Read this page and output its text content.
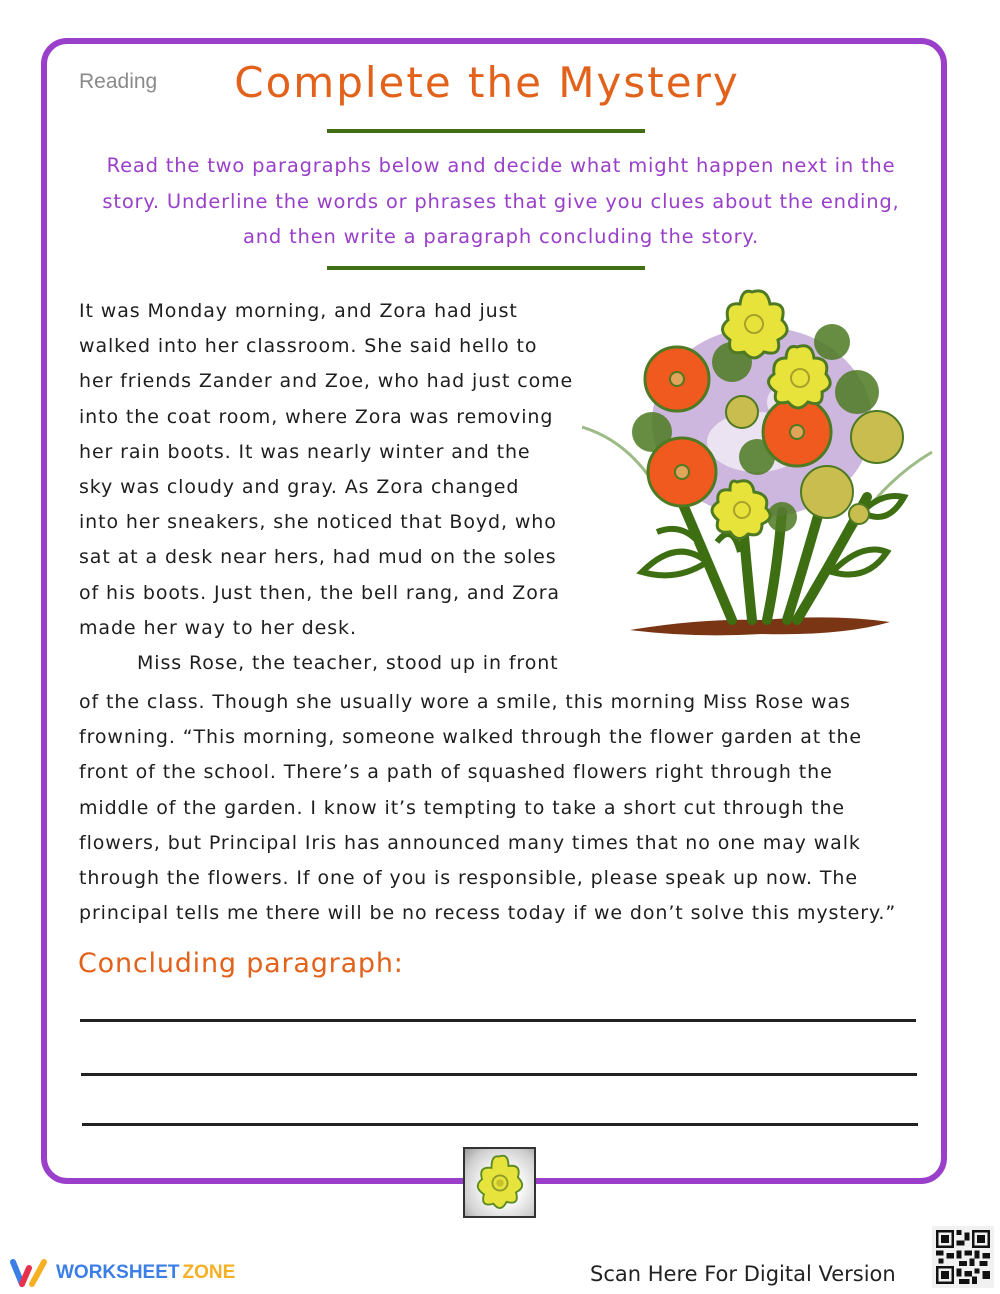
Reading	Complete the Mystery
Read the two paragraphs below and decide what might happen next in the story. Underline the words or phrases that give you clues about the ending, and then write a paragraph concluding the story.
It was Monday morning, and Zora had just
walked into her classroom. She said hello to
her friends Zander and Zoe, who had just come
into the coat room, where Zora was removing
her rain boots. It was nearly winter and the
sky was cloudy and gray. As Zora changed
into her sneakers, she noticed that Boyd, who
sat at a desk near hers, had mud on the soles
of his boots. Just then, the bell rang, and Zora
made her way to her desk.
Miss Rose, the teacher, stood up in front
of the class. Though she usually wore a smile, this morning Miss Rose was
frowning. “This morning, someone walked through the flower garden at the
front of the school. There’s a path of squashed flowers right through the
middle of the garden. I know it’s tempting to take a short cut through the
flowers, but Principal Iris has announced many times that no one may walk
through the flowers. If one of you is responsible, please speak up now. The
principal tells me there will be no recess today if we don’t solve this mystery.”
Concluding paragraph:
WORKSHEET ZONE	Scan Here For Digital Version
